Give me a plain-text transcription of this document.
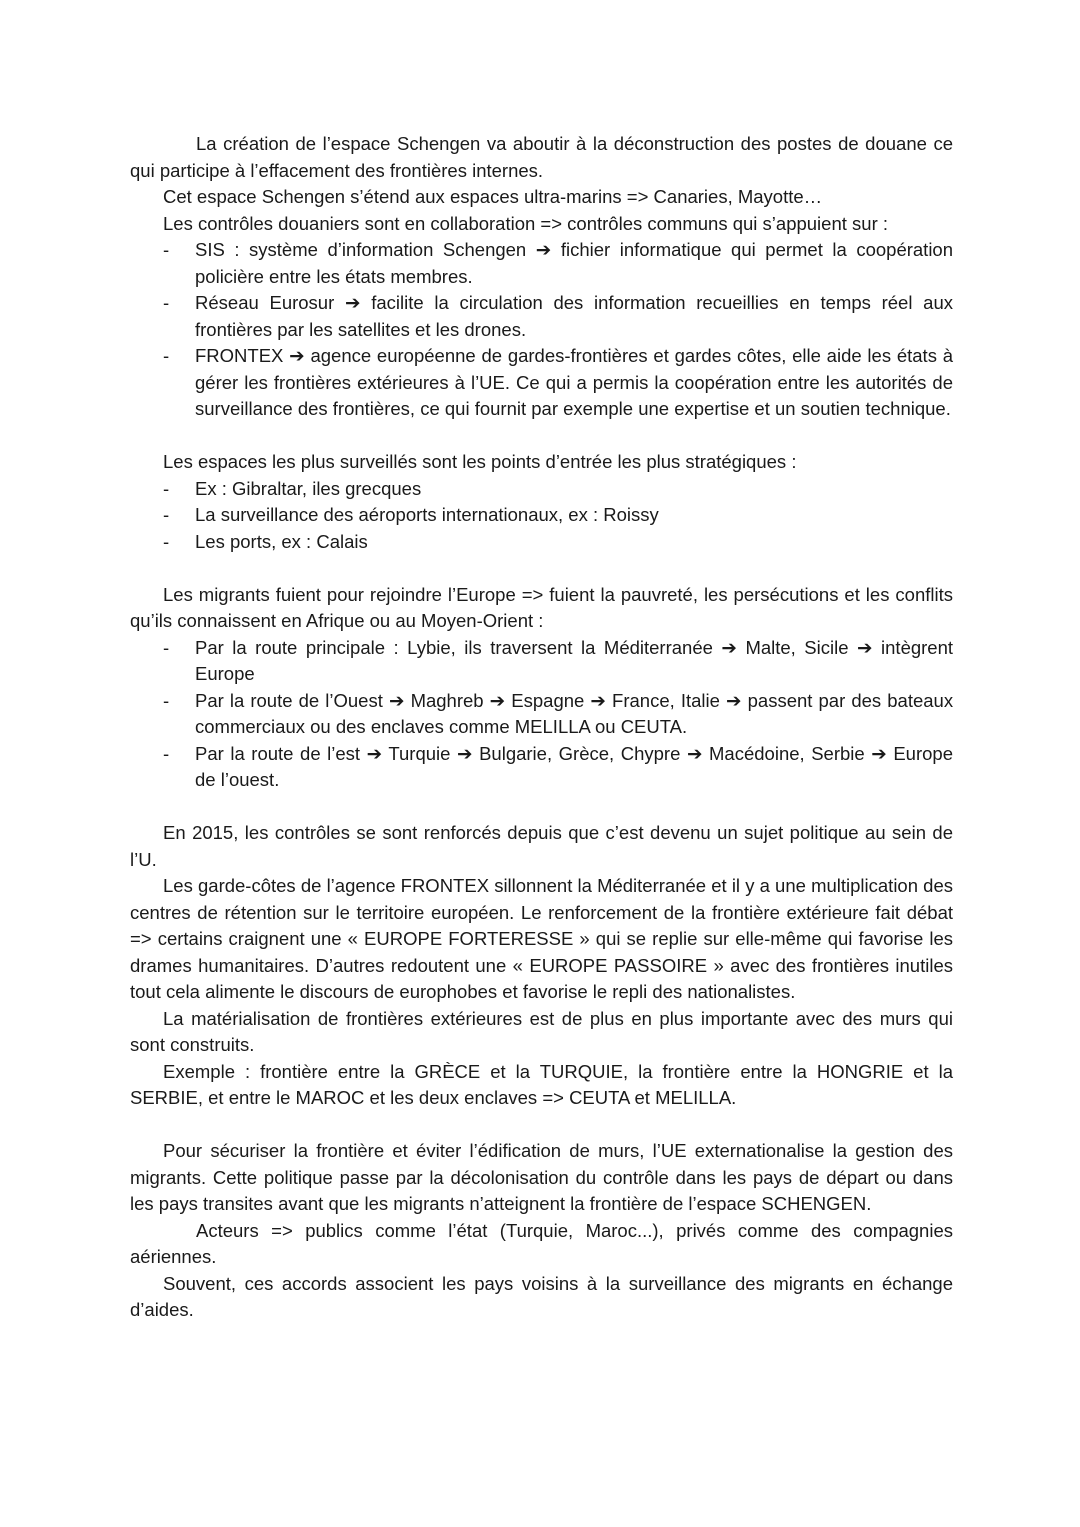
La création de l’espace Schengen va aboutir à la déconstruction des postes de douane ce qui participe à l’effacement des frontières internes.

Cet espace Schengen s’étend aux espaces ultra-marins => Canaries, Mayotte…

Les contrôles douaniers sont en collaboration => contrôles communs qui s’appuient sur :

- SIS : système d’information Schengen ➔ fichier informatique qui permet la coopération policière entre les états membres.
- Réseau Eurosur ➔ facilite la circulation des information recueillies en temps réel aux frontières par les satellites et les drones.
- FRONTEX ➔ agence européenne de gardes-frontières et gardes côtes, elle aide les états à gérer les frontières extérieures à l’UE. Ce qui a permis la coopération entre les autorités de surveillance des frontières, ce qui fournit par exemple une expertise et un soutien technique.

Les espaces les plus surveillés sont les points d’entrée les plus stratégiques :

- Ex : Gibraltar, iles grecques
- La surveillance des aéroports internationaux, ex : Roissy
- Les ports, ex : Calais

Les migrants fuient pour rejoindre l’Europe => fuient la pauvreté, les persécutions et les conflits qu’ils connaissent en Afrique ou au Moyen-Orient :

- Par la route principale : Lybie, ils traversent la Méditerranée ➔ Malte, Sicile ➔ intègrent Europe
- Par la route de l’Ouest ➔ Maghreb ➔ Espagne ➔ France, Italie ➔ passent par des bateaux commerciaux ou des enclaves comme MELILLA ou CEUTA.
- Par la route de l’est ➔ Turquie ➔ Bulgarie, Grèce, Chypre ➔ Macédoine, Serbie ➔ Europe de l’ouest.

En 2015, les contrôles se sont renforcés depuis que c’est devenu un sujet politique au sein de l’U.

Les garde-côtes de l’agence FRONTEX sillonnent la Méditerranée et il y a une multiplication des centres de rétention sur le territoire européen. Le renforcement de la frontière extérieure fait débat => certains craignent une « EUROPE FORTERESSE » qui se replie sur elle-même qui favorise les drames humanitaires. D’autres redoutent une « EUROPE PASSOIRE » avec des frontières inutiles tout cela alimente le discours de europhobes et favorise le repli des nationalistes.

La matérialisation de frontières extérieures est de plus en plus importante avec des murs qui sont construits.

Exemple : frontière entre la GRÈCE et la TURQUIE, la frontière entre la HONGRIE et la SERBIE, et entre le MAROC et les deux enclaves => CEUTA et MELILLA.

Pour sécuriser la frontière et éviter l’édification de murs, l’UE externationalise la gestion des migrants. Cette politique passe par la décolonisation du contrôle dans les pays de départ ou dans les pays transites avant que les migrants n’atteignent la frontière de l’espace SCHENGEN.

Acteurs => publics comme l’état (Turquie, Maroc...), privés comme des compagnies aériennes.

Souvent, ces accords associent les pays voisins à la surveillance des migrants en échange d’aides.
